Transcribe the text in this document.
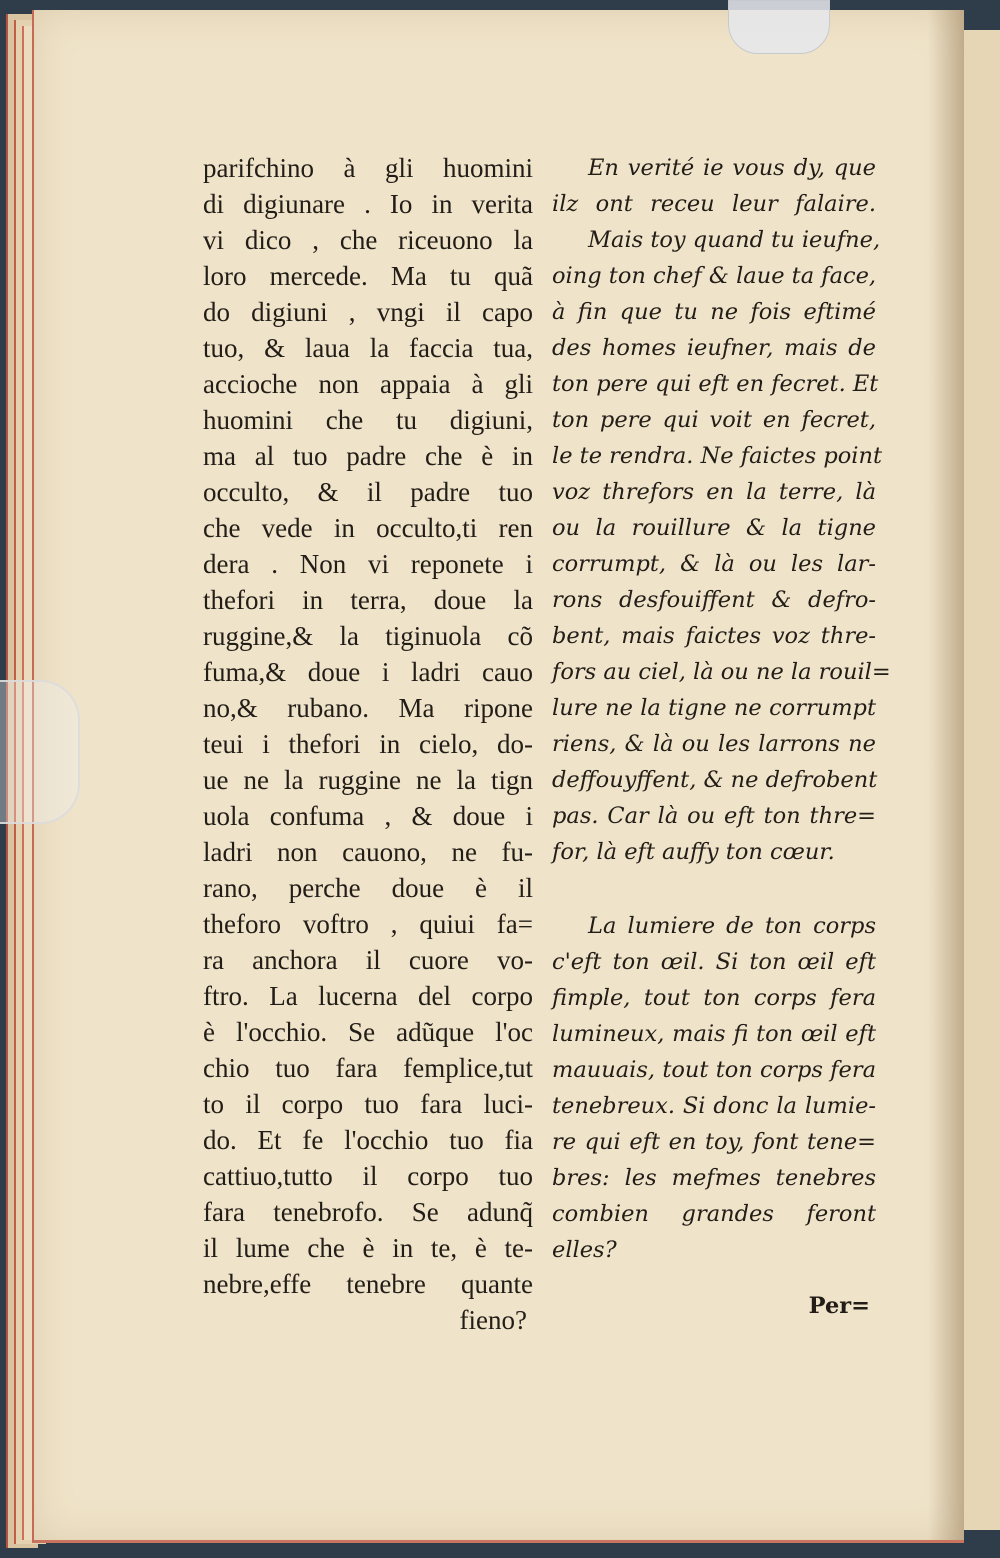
parifchino à gli huomini
di digiunare . Io in verita
vi dico , che riceuono la
loro mercede. Ma tu quã
do digiuni , vngi il capo
tuo, & laua la faccia tua,
accioche non appaia à gli
huomini che tu digiuni,
ma al tuo padre che è in
occulto, & il padre tuo
che vede in occulto,ti ren
dera . Non vi reponete i
thefori in terra, doue la
ruggine,& la tiginuola cõ
fuma,& doue i ladri cauo
no,& rubano. Ma ripone
teui i thefori in cielo, do-
ue ne la ruggine ne la tign
uola confuma , & doue i
ladri non cauono, ne fu-
rano, perche doue è il
theforo voftro , quiui fa=
ra anchora il cuore vo-
ftro. La lucerna del corpo
è l'occhio. Se adũque l'oc
chio tuo fara femplice,tut
to il corpo tuo fara luci-
do. Et fe l'occhio tuo fia
cattiuo,tutto il corpo tuo
fara tenebrofo. Se adunq̃
il lume che è in te, è te-
nebre,effe tenebre quante
fieno?
En verité ie vous dy, que
ilz ont receu leur falaire.
Mais toy quand tu ieufne,
oing ton chef & laue ta face,
à fin que tu ne fois eftimé
des homes ieufner, mais de
ton pere qui eft en fecret. Et
ton pere qui voit en fecret,
le te rendra. Ne faictes point
voz threfors en la terre, là
ou la rouillure & la tigne
corrumpt, & là ou les lar-
rons desfouiffent & defro-
bent, mais faictes voz thre-
fors au ciel, là ou ne la rouil=
lure ne la tigne ne corrumpt
riens, & là ou les larrons ne
deffouyffent, & ne defrobent
pas. Car là ou eft ton thre=
for, là eft auffy ton cœur.
La lumiere de ton corps
c'eft ton œil. Si ton œil eft
fimple, tout ton corps fera
lumineux, mais fi ton œil eft
mauuais, tout ton corps fera
tenebreux. Si donc la lumie-
re qui eft en toy, font tene=
bres: les mefmes tenebres
combien grandes feront
elles?
Per=
